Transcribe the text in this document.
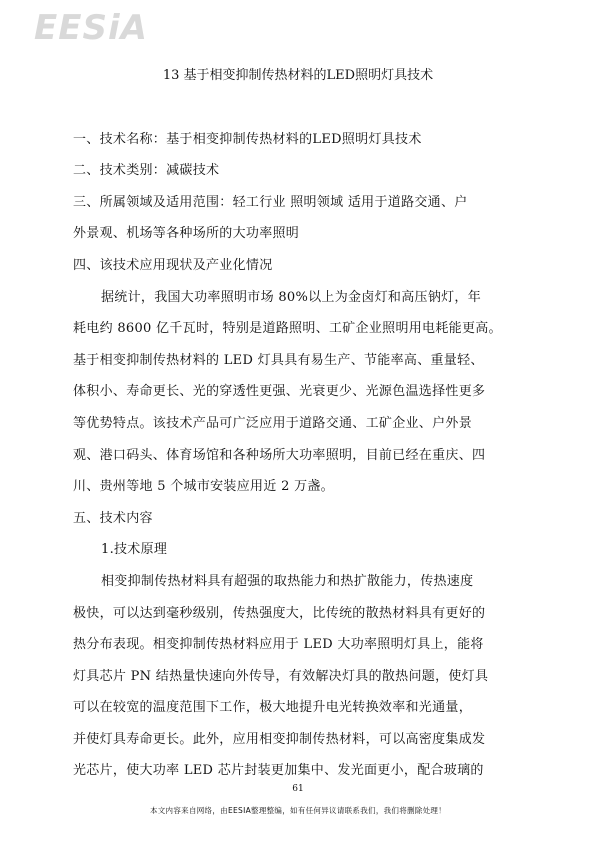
EESiA
13 基于相变抑制传热材料的LED照明灯具技术
一、技术名称：基于相变抑制传热材料的LED照明灯具技术
二、技术类别：减碳技术
三、所属领域及适用范围：轻工行业 照明领域 适用于道路交通、户
外景观、机场等各种场所的大功率照明
四、该技术应用现状及产业化情况
据统计，我国大功率照明市场 80%以上为金卤灯和高压钠灯，年
耗电约 8600 亿千瓦时，特别是道路照明、工矿企业照明用电耗能更高。
基于相变抑制传热材料的 LED 灯具具有易生产、节能率高、重量轻、
体积小、寿命更长、光的穿透性更强、光衰更少、光源色温选择性更多
等优势特点。该技术产品可广泛应用于道路交通、工矿企业、户外景
观、港口码头、体育场馆和各种场所大功率照明，目前已经在重庆、四
川、贵州等地 5 个城市安装应用近 2 万盏。
五、技术内容
1.技术原理
相变抑制传热材料具有超强的取热能力和热扩散能力，传热速度
极快，可以达到毫秒级别，传热强度大，比传统的散热材料具有更好的
热分布表现。相变抑制传热材料应用于 LED 大功率照明灯具上，能将
灯具芯片 PN 结热量快速向外传导，有效解决灯具的散热问题，使灯具
可以在较宽的温度范围下工作，极大地提升电光转换效率和光通量，
并使灯具寿命更长。此外，应用相变抑制传热材料，可以高密度集成发
光芯片，使大功率 LED 芯片封装更加集中、发光面更小，配合玻璃的
61
本文内容来自网络，由EESIA整理整编，如有任何异议请联系我们，我们将删除处理！
